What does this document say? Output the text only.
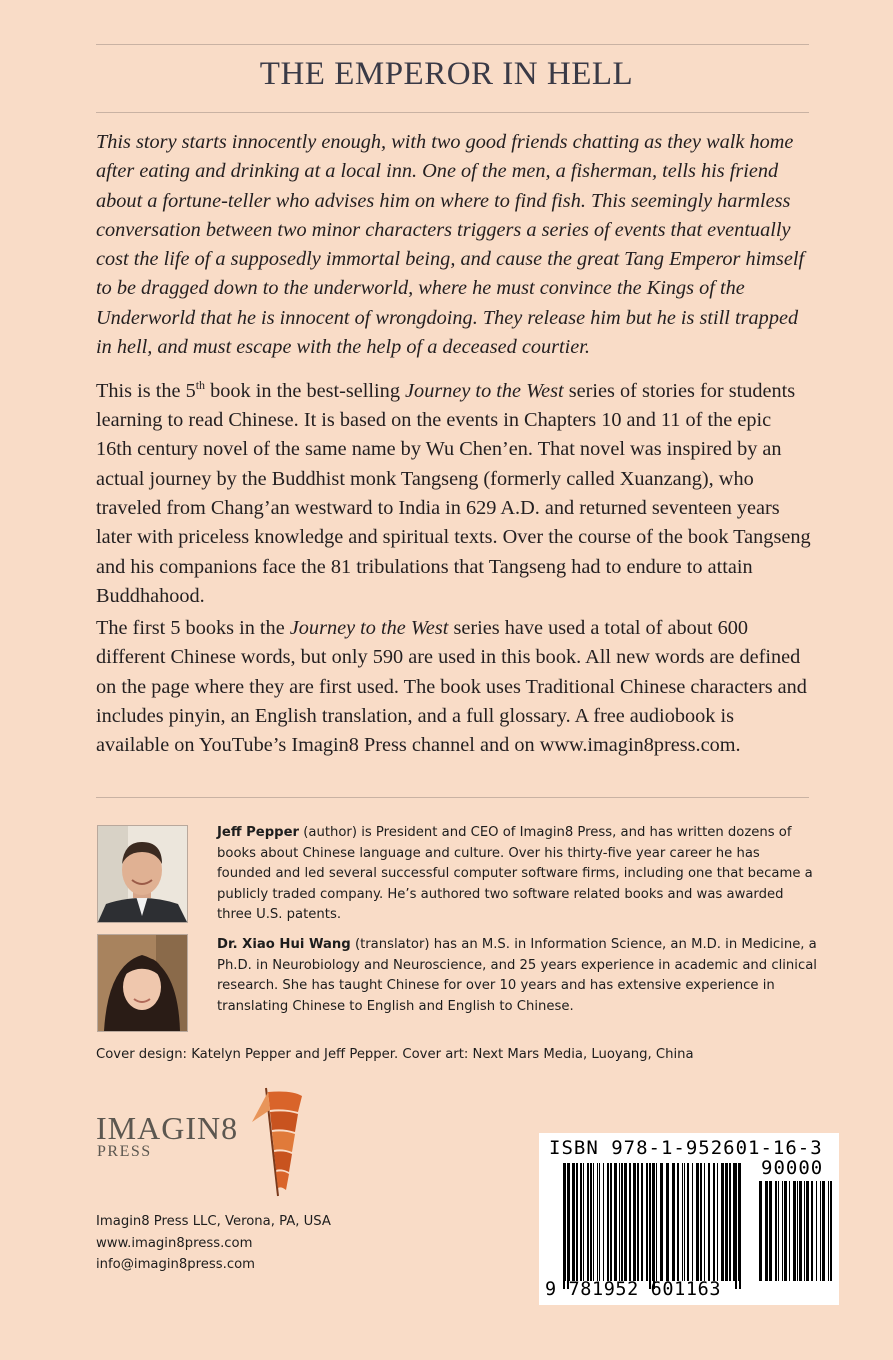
THE EMPEROR IN HELL

This story starts innocently enough, with two good friends chatting as they walk home after eating and drinking at a local inn. One of the men, a fisherman, tells his friend about a fortune-teller who advises him on where to find fish. This seemingly harmless conversation between two minor characters triggers a series of events that eventually cost the life of a supposedly immortal being, and cause the great Tang Emperor himself to be dragged down to the underworld, where he must convince the Kings of the Underworld that he is innocent of wrongdoing. They release him but he is still trapped in hell, and must escape with the help of a deceased courtier.

This is the 5th book in the best-selling Journey to the West series of stories for students learning to read Chinese. It is based on the events in Chapters 10 and 11 of the epic 16th century novel of the same name by Wu Chen’en. That novel was inspired by an actual journey by the Buddhist monk Tangseng (formerly called Xuanzang), who traveled from Chang’an westward to India in 629 A.D. and returned seventeen years later with priceless knowledge and spiritual texts. Over the course of the book Tangseng and his companions face the 81 tribulations that Tangseng had to endure to attain Buddhahood.

The first 5 books in the Journey to the West series have used a total of about 600 different Chinese words, but only 590 are used in this book. All new words are defined on the page where they are first used. The book uses Traditional Chinese characters and includes pinyin, an English translation, and a full glossary. A free audiobook is available on YouTube’s Imagin8 Press channel and on www.imagin8press.com.

Jeff Pepper (author) is President and CEO of Imagin8 Press, and has written dozens of books about Chinese language and culture. Over his thirty-five year career he has founded and led several successful computer software firms, including one that became a publicly traded company. He’s authored two software related books and was awarded three U.S. patents.

Dr. Xiao Hui Wang (translator) has an M.S. in Information Science, an M.D. in Medicine, a Ph.D. in Neurobiology and Neuroscience, and 25 years experience in academic and clinical research. She has taught Chinese for over 10 years and has extensive experience in translating Chinese to English and English to Chinese.

Cover design: Katelyn Pepper and Jeff Pepper. Cover art: Next Mars Media, Luoyang, China
IMAGIN8
PRESS
Imagin8 Press LLC, Verona, PA, USA
www.imagin8press.com
info@imagin8press.com
ISBN 978-1-952601-16-3
90000
9 781952 601163
